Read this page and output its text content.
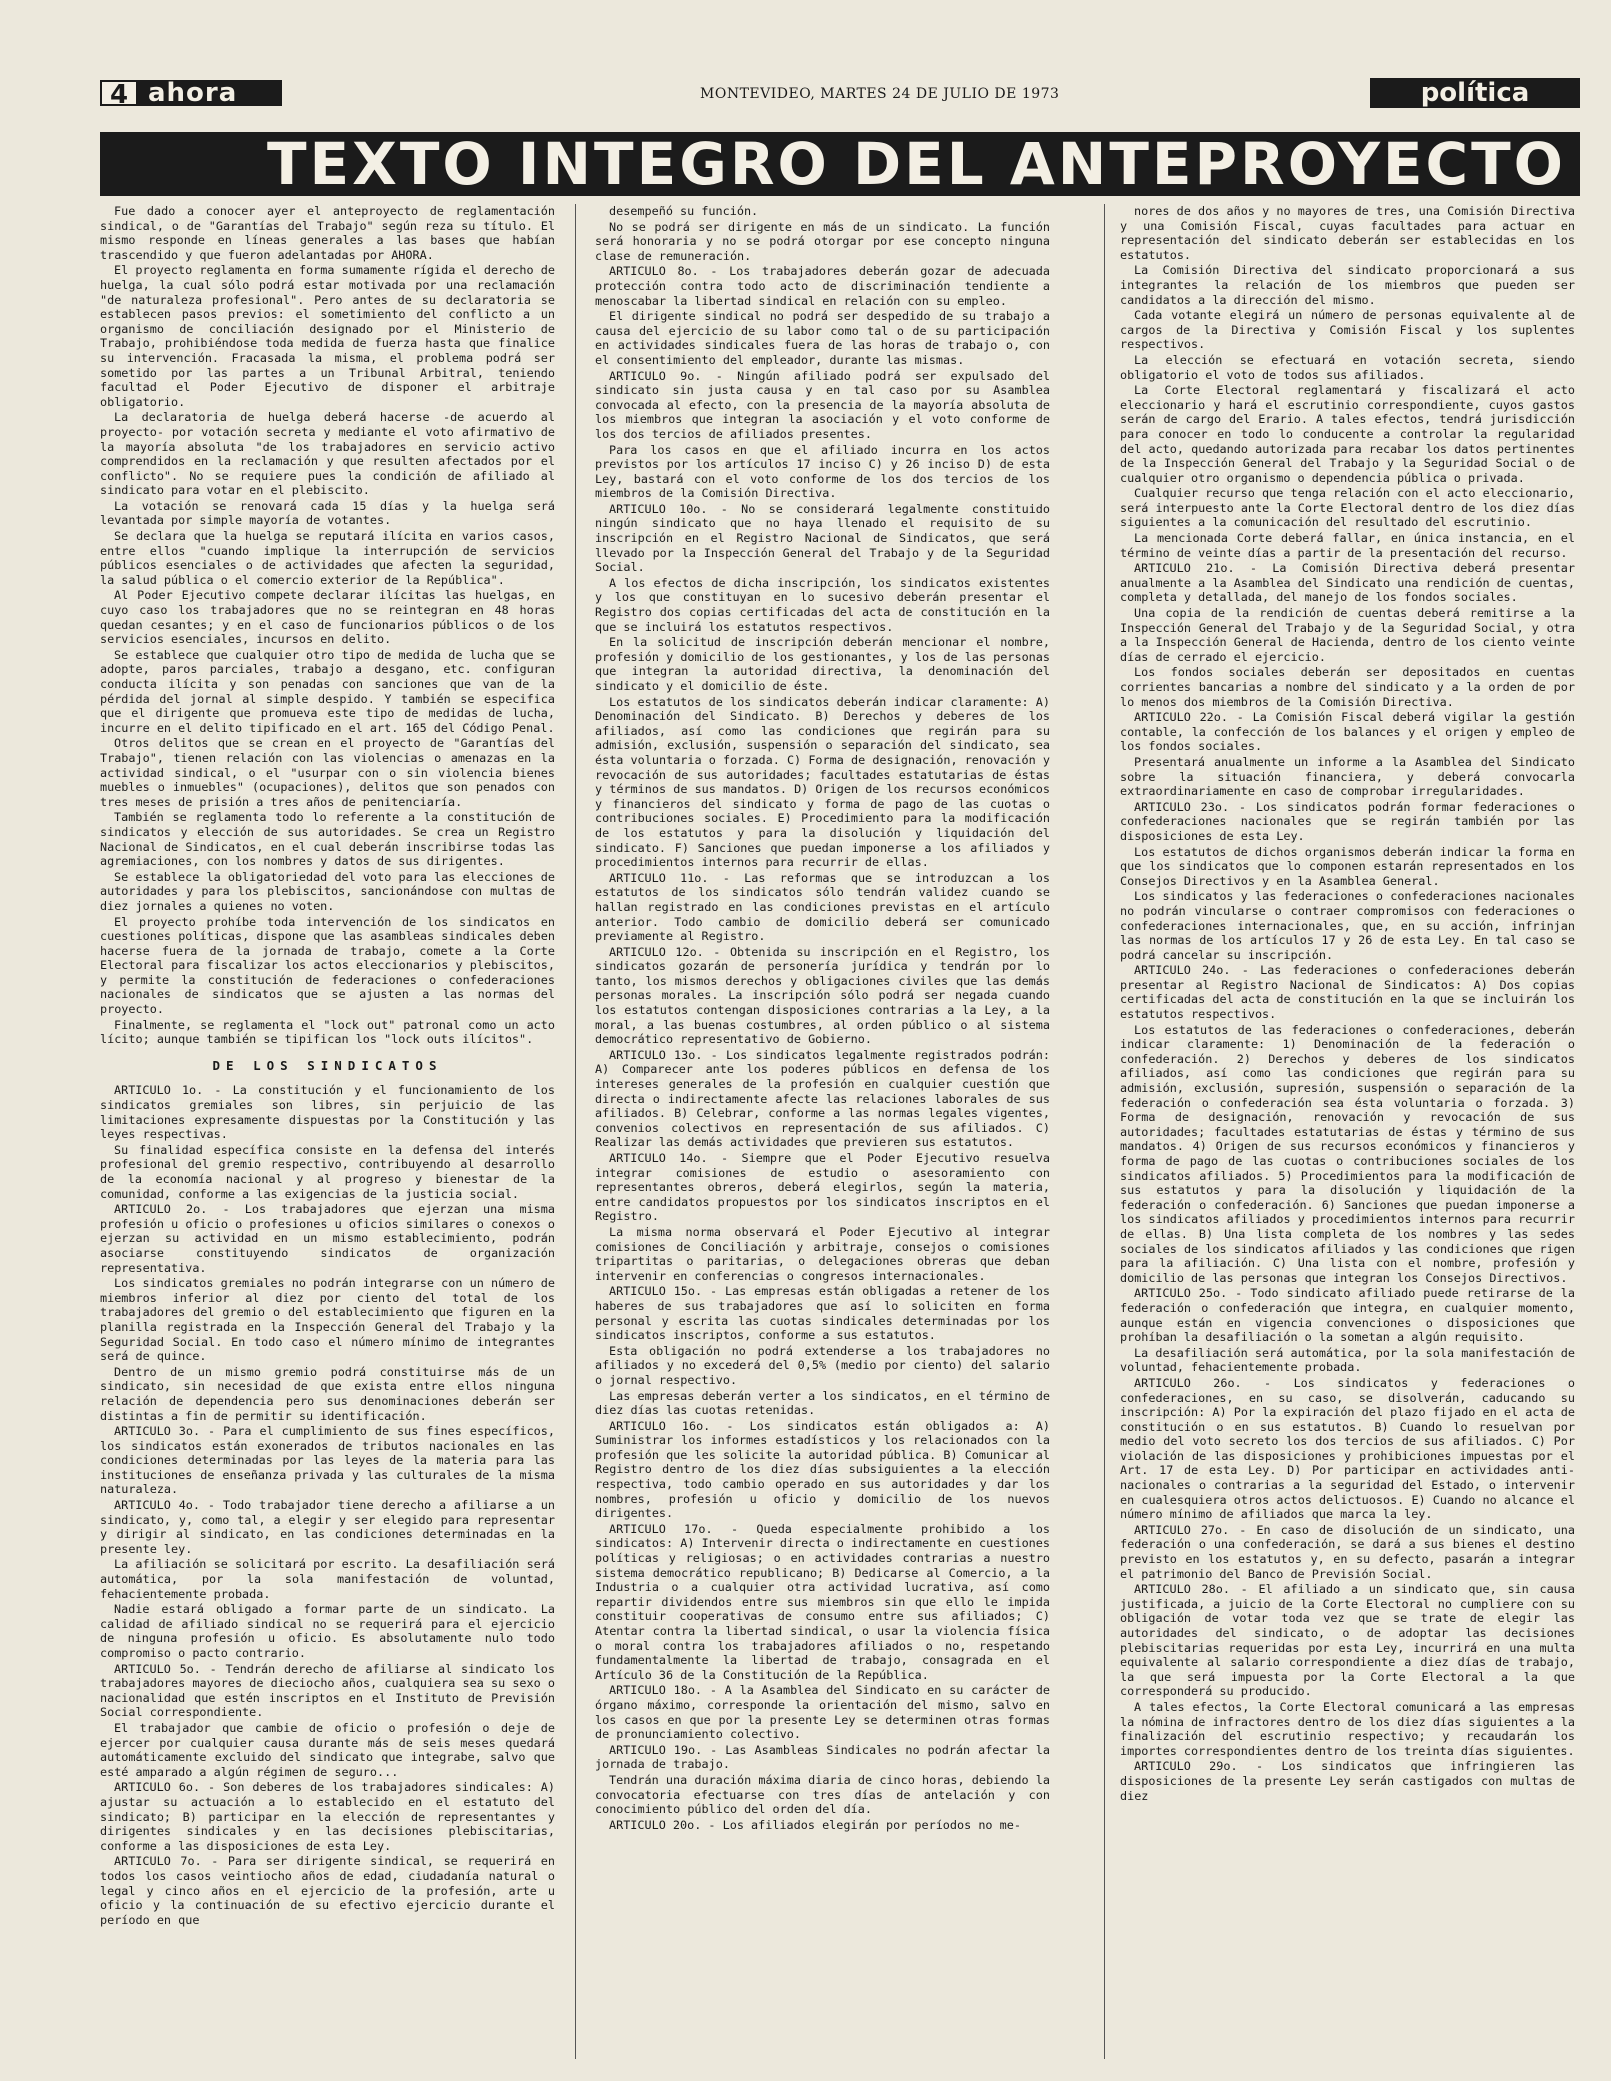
4 ahora	MONTEVIDEO, MARTES 24 DE JULIO DE 1973	política
TEXTO INTEGRO DEL ANTEPROYECTO

Fue dado a conocer ayer el anteproyecto de reglamentación sindical, o de "Garantías del Trabajo" según reza su título. El mismo responde en líneas generales a las bases que habían trascendido y que fueron adelantadas por AHORA.

El proyecto reglamenta en forma sumamente rígida el derecho de huelga, la cual sólo podrá estar motivada por una reclamación "de naturaleza profesional". Pero antes de su declaratoria se establecen pasos previos: el sometimiento del conflicto a un organismo de conciliación designado por el Ministerio de Trabajo, prohibiéndose toda medida de fuerza hasta que finalice su intervención. Fracasada la misma, el problema podrá ser sometido por las partes a un Tribunal Arbitral, teniendo facultad el Poder Ejecutivo de disponer el arbitraje obligatorio.

La declaratoria de huelga deberá hacerse -de acuerdo al proyecto- por votación secreta y mediante el voto afirmativo de la mayoría absoluta "de los trabajadores en servicio activo comprendidos en la reclamación y que resulten afectados por el conflicto". No se requiere pues la condición de afiliado al sindicato para votar en el plebiscito.

La votación se renovará cada 15 días y la huelga será levantada por simple mayoría de votantes.

Se declara que la huelga se reputará ilícita en varios casos, entre ellos "cuando implique la interrupción de servicios públicos esenciales o de actividades que afecten la seguridad, la salud pública o el comercio exterior de la República".

Al Poder Ejecutivo compete declarar ilícitas las huelgas, en cuyo caso los trabajadores que no se reintegran en 48 horas quedan cesantes; y en el caso de funcionarios públicos o de los servicios esenciales, incursos en delito.

Se establece que cualquier otro tipo de medida de lucha que se adopte, paros parciales, trabajo a desgano, etc. configuran conducta ilícita y son penadas con sanciones que van de la pérdida del jornal al simple despido. Y también se especifica que el dirigente que promueva este tipo de medidas de lucha, incurre en el delito tipificado en el art. 165 del Código Penal.

Otros delitos que se crean en el proyecto de "Garantías del Trabajo", tienen relación con las violencias o amenazas en la actividad sindical, o el "usurpar con o sin violencia bienes muebles o inmuebles" (ocupaciones), delitos que son penados con tres meses de prisión a tres años de penitenciaría.

También se reglamenta todo lo referente a la constitución de sindicatos y elección de sus autoridades. Se crea un Registro Nacional de Sindicatos, en el cual deberán inscribirse todas las agremiaciones, con los nombres y datos de sus dirigentes.

Se establece la obligatoriedad del voto para las elecciones de autoridades y para los plebiscitos, sancionándose con multas de diez jornales a quienes no voten.

El proyecto prohíbe toda intervención de los sindicatos en cuestiones políticas, dispone que las asambleas sindicales deben hacerse fuera de la jornada de trabajo, comete a la Corte Electoral para fiscalizar los actos eleccionarios y plebiscitos, y permite la constitución de federaciones o confederaciones nacionales de sindicatos que se ajusten a las normas del proyecto.

Finalmente, se reglamenta el "lock out" patronal como un acto lícito; aunque también se tipifican los "lock outs ilícitos".

DE LOS SINDICATOS

ARTICULO 1o. - La constitución y el funcionamiento de los sindicatos gremiales son libres, sin perjuicio de las limitaciones expresamente dispuestas por la Constitución y las leyes respectivas.

Su finalidad específica consiste en la defensa del interés profesional del gremio respectivo, contribuyendo al desarrollo de la economía nacional y al progreso y bienestar de la comunidad, conforme a las exigencias de la justicia social.

ARTICULO 2o. - Los trabajadores que ejerzan una misma profesión u oficio o profesiones u oficios similares o conexos o ejerzan su actividad en un mismo establecimiento, podrán asociarse constituyendo sindicatos de organización representativa.

Los sindicatos gremiales no podrán integrarse con un número de miembros inferior al diez por ciento del total de los trabajadores del gremio o del establecimiento que figuren en la planilla registrada en la Inspección General del Trabajo y la Seguridad Social. En todo caso el número mínimo de integrantes será de quince.

Dentro de un mismo gremio podrá constituirse más de un sindicato, sin necesidad de que exista entre ellos ninguna relación de dependencia pero sus denominaciones deberán ser distintas a fin de permitir su identificación.

ARTICULO 3o. - Para el cumplimiento de sus fines específicos, los sindicatos están exonerados de tributos nacionales en las condiciones determinadas por las leyes de la materia para las instituciones de enseñanza privada y las culturales de la misma naturaleza.

ARTICULO 4o. - Todo trabajador tiene derecho a afiliarse a un sindicato, y, como tal, a elegir y ser elegido para representar y dirigir al sindicato, en las condiciones determinadas en la presente ley.

La afiliación se solicitará por escrito. La desafiliación será automática, por la sola manifestación de voluntad, fehacientemente probada.

Nadie estará obligado a formar parte de un sindicato. La calidad de afiliado sindical no se requerirá para el ejercicio de ninguna profesión u oficio. Es absolutamente nulo todo compromiso o pacto contrario.

ARTICULO 5o. - Tendrán derecho de afiliarse al sindicato los trabajadores mayores de dieciocho años, cualquiera sea su sexo o nacionalidad que estén inscriptos en el Instituto de Previsión Social correspondiente.

El trabajador que cambie de oficio o profesión o deje de ejercer por cualquier causa durante más de seis meses quedará automáticamente excluido del sindicato que integrabe, salvo que esté amparado a algún régimen de seguro...

ARTICULO 6o. - Son deberes de los trabajadores sindicales: A) ajustar su actuación a lo establecido en el estatuto del sindicato; B) participar en la elección de representantes y dirigentes sindicales y en las decisiones plebiscitarias, conforme a las disposiciones de esta Ley.

ARTICULO 7o. - Para ser dirigente sindical, se requerirá en todos los casos veintiocho años de edad, ciudadanía natural o legal y cinco años en el ejercicio de la profesión, arte u oficio y la continuación de su efectivo ejercicio durante el período en que

desempeñó su función.

No se podrá ser dirigente en más de un sindicato. La función será honoraria y no se podrá otorgar por ese concepto ninguna clase de remuneración.

ARTICULO 8o. - Los trabajadores deberán gozar de adecuada protección contra todo acto de discriminación tendiente a menoscabar la libertad sindical en relación con su empleo.

El dirigente sindical no podrá ser despedido de su trabajo a causa del ejercicio de su labor como tal o de su participación en actividades sindicales fuera de las horas de trabajo o, con el consentimiento del empleador, durante las mismas.

ARTICULO 9o. - Ningún afiliado podrá ser expulsado del sindicato sin justa causa y en tal caso por su Asamblea convocada al efecto, con la presencia de la mayoría absoluta de los miembros que integran la asociación y el voto conforme de los dos tercios de afiliados presentes.

Para los casos en que el afiliado incurra en los actos previstos por los artículos 17 inciso C) y 26 inciso D) de esta Ley, bastará con el voto conforme de los dos tercios de los miembros de la Comisión Directiva.

ARTICULO 10o. - No se considerará legalmente constituido ningún sindicato que no haya llenado el requisito de su inscripción en el Registro Nacional de Sindicatos, que será llevado por la Inspección General del Trabajo y de la Seguridad Social.

A los efectos de dicha inscripción, los sindicatos existentes y los que constituyan en lo sucesivo deberán presentar el Registro dos copias certificadas del acta de constitución en la que se incluirá los estatutos respectivos.

En la solicitud de inscripción deberán mencionar el nombre, profesión y domicilio de los gestionantes, y los de las personas que integran la autoridad directiva, la denominación del sindicato y el domicilio de éste.

Los estatutos de los sindicatos deberán indicar claramente: A) Denominación del Sindicato. B) Derechos y deberes de los afiliados, así como las condiciones que regirán para su admisión, exclusión, suspensión o separación del sindicato, sea ésta voluntaria o forzada. C) Forma de designación, renovación y revocación de sus autoridades; facultades estatutarias de éstas y términos de sus mandatos. D) Origen de los recursos económicos y financieros del sindicato y forma de pago de las cuotas o contribuciones sociales. E) Procedimiento para la modificación de los estatutos y para la disolución y liquidación del sindicato. F) Sanciones que puedan imponerse a los afiliados y procedimientos internos para recurrir de ellas.

ARTICULO 11o. - Las reformas que se introduzcan a los estatutos de los sindicatos sólo tendrán validez cuando se hallan registrado en las condiciones previstas en el artículo anterior. Todo cambio de domicilio deberá ser comunicado previamente al Registro.

ARTICULO 12o. - Obtenida su inscripción en el Registro, los sindicatos gozarán de personería jurídica y tendrán por lo tanto, los mismos derechos y obligaciones civiles que las demás personas morales. La inscripción sólo podrá ser negada cuando los estatutos contengan disposiciones contrarias a la Ley, a la moral, a las buenas costumbres, al orden público o al sistema democrático representativo de Gobierno.

ARTICULO 13o. - Los sindicatos legalmente registrados podrán: A) Comparecer ante los poderes públicos en defensa de los intereses generales de la profesión en cualquier cuestión que directa o indirectamente afecte las relaciones laborales de sus afiliados. B) Celebrar, conforme a las normas legales vigentes, convenios colectivos en representación de sus afiliados. C) Realizar las demás actividades que previeren sus estatutos.

ARTICULO 14o. - Siempre que el Poder Ejecutivo resuelva integrar comisiones de estudio o asesoramiento con representantes obreros, deberá elegirlos, según la materia, entre candidatos propuestos por los sindicatos inscriptos en el Registro.

La misma norma observará el Poder Ejecutivo al integrar comisiones de Conciliación y arbitraje, consejos o comisiones tripartitas o paritarias, o delegaciones obreras que deban intervenir en conferencias o congresos internacionales.

ARTICULO 15o. - Las empresas están obligadas a retener de los haberes de sus trabajadores que así lo soliciten en forma personal y escrita las cuotas sindicales determinadas por los sindicatos inscriptos, conforme a sus estatutos.

Esta obligación no podrá extenderse a los trabajadores no afiliados y no excederá del 0,5% (medio por ciento) del salario o jornal respectivo.

Las empresas deberán verter a los sindicatos, en el término de diez días las cuotas retenidas.

ARTICULO 16o. - Los sindicatos están obligados a: A) Suministrar los informes estadísticos y los relacionados con la profesión que les solicite la autoridad pública. B) Comunicar al Registro dentro de los diez días subsiguientes a la elección respectiva, todo cambio operado en sus autoridades y dar los nombres, profesión u oficio y domicilio de los nuevos dirigentes.

ARTICULO 17o. - Queda especialmente prohibido a los sindicatos: A) Intervenir directa o indirectamente en cuestiones políticas y religiosas; o en actividades contrarias a nuestro sistema democrático republicano; B) Dedicarse al Comercio, a la Industria o a cualquier otra actividad lucrativa, así como repartir dividendos entre sus miembros sin que ello le impida constituir cooperativas de consumo entre sus afiliados; C) Atentar contra la libertad sindical, o usar la violencia física o moral contra los trabajadores afiliados o no, respetando fundamentalmente la libertad de trabajo, consagrada en el Artículo 36 de la Constitución de la República.

ARTICULO 18o. - A la Asamblea del Sindicato en su carácter de órgano máximo, corresponde la orientación del mismo, salvo en los casos en que por la presente Ley se determinen otras formas de pronunciamiento colectivo.

ARTICULO 19o. - Las Asambleas Sindicales no podrán afectar la jornada de trabajo.

Tendrán una duración máxima diaria de cinco horas, debiendo la convocatoria efectuarse con tres días de antelación y con conocimiento público del orden del día.

ARTICULO 20o. - Los afiliados elegirán por períodos no me-

nores de dos años y no mayores de tres, una Comisión Directiva y una Comisión Fiscal, cuyas facultades para actuar en representación del sindicato deberán ser establecidas en los estatutos.

La Comisión Directiva del sindicato proporcionará a sus integrantes la relación de los miembros que pueden ser candidatos a la dirección del mismo.

Cada votante elegirá un número de personas equivalente al de cargos de la Directiva y Comisión Fiscal y los suplentes respectivos.

La elección se efectuará en votación secreta, siendo obligatorio el voto de todos sus afiliados.

La Corte Electoral reglamentará y fiscalizará el acto eleccionario y hará el escrutinio correspondiente, cuyos gastos serán de cargo del Erario. A tales efectos, tendrá jurisdicción para conocer en todo lo conducente a controlar la regularidad del acto, quedando autorizada para recabar los datos pertinentes de la Inspección General del Trabajo y la Seguridad Social o de cualquier otro organismo o dependencia pública o privada.

Cualquier recurso que tenga relación con el acto eleccionario, será interpuesto ante la Corte Electoral dentro de los diez días siguientes a la comunicación del resultado del escrutinio.

La mencionada Corte deberá fallar, en única instancia, en el término de veinte días a partir de la presentación del recurso.

ARTICULO 21o. - La Comisión Directiva deberá presentar anualmente a la Asamblea del Sindicato una rendición de cuentas, completa y detallada, del manejo de los fondos sociales.

Una copia de la rendición de cuentas deberá remitirse a la Inspección General del Trabajo y de la Seguridad Social, y otra a la Inspección General de Hacienda, dentro de los ciento veinte días de cerrado el ejercicio.

Los fondos sociales deberán ser depositados en cuentas corrientes bancarias a nombre del sindicato y a la orden de por lo menos dos miembros de la Comisión Directiva.

ARTICULO 22o. - La Comisión Fiscal deberá vigilar la gestión contable, la confección de los balances y el origen y empleo de los fondos sociales.

Presentará anualmente un informe a la Asamblea del Sindicato sobre la situación financiera, y deberá convocarla extraordinariamente en caso de comprobar irregularidades.

ARTICULO 23o. - Los sindicatos podrán formar federaciones o confederaciones nacionales que se regirán también por las disposiciones de esta Ley.

Los estatutos de dichos organismos deberán indicar la forma en que los sindicatos que lo componen estarán representados en los Consejos Directivos y en la Asamblea General.

Los sindicatos y las federaciones o confederaciones nacionales no podrán vincularse o contraer compromisos con federaciones o confederaciones internacionales, que, en su acción, infrinjan las normas de los artículos 17 y 26 de esta Ley. En tal caso se podrá cancelar su inscripción.

ARTICULO 24o. - Las federaciones o confederaciones deberán presentar al Registro Nacional de Sindicatos: A) Dos copias certificadas del acta de constitución en la que se incluirán los estatutos respectivos.

Los estatutos de las federaciones o confederaciones, deberán indicar claramente: 1) Denominación de la federación o confederación. 2) Derechos y deberes de los sindicatos afiliados, así como las condiciones que regirán para su admisión, exclusión, supresión, suspensión o separación de la federación o confederación sea ésta voluntaria o forzada. 3) Forma de designación, renovación y revocación de sus autoridades; facultades estatutarias de éstas y término de sus mandatos. 4) Origen de sus recursos económicos y financieros y forma de pago de las cuotas o contribuciones sociales de los sindicatos afiliados. 5) Procedimientos para la modificación de sus estatutos y para la disolución y liquidación de la federación o confederación. 6) Sanciones que puedan imponerse a los sindicatos afiliados y procedimientos internos para recurrir de ellas. B) Una lista completa de los nombres y las sedes sociales de los sindicatos afiliados y las condiciones que rigen para la afiliación. C) Una lista con el nombre, profesión y domicilio de las personas que integran los Consejos Directivos.

ARTICULO 25o. - Todo sindicato afiliado puede retirarse de la federación o confederación que integra, en cualquier momento, aunque están en vigencia convenciones o disposiciones que prohíban la desafiliación o la sometan a algún requisito.

La desafiliación será automática, por la sola manifestación de voluntad, fehacientemente probada.

ARTICULO 26o. - Los sindicatos y federaciones o confederaciones, en su caso, se disolverán, caducando su inscripción: A) Por la expiración del plazo fijado en el acta de constitución o en sus estatutos. B) Cuando lo resuelvan por medio del voto secreto los dos tercios de sus afiliados. C) Por violación de las disposiciones y prohibiciones impuestas por el Art. 17 de esta Ley. D) Por participar en actividades anti-nacionales o contrarias a la seguridad del Estado, o intervenir en cualesquiera otros actos delictuosos. E) Cuando no alcance el número mínimo de afiliados que marca la ley.

ARTICULO 27o. - En caso de disolución de un sindicato, una federación o una confederación, se dará a sus bienes el destino previsto en los estatutos y, en su defecto, pasarán a integrar el patrimonio del Banco de Previsión Social.

ARTICULO 28o. - El afiliado a un sindicato que, sin causa justificada, a juicio de la Corte Electoral no cumpliere con su obligación de votar toda vez que se trate de elegir las autoridades del sindicato, o de adoptar las decisiones plebiscitarias requeridas por esta Ley, incurrirá en una multa equivalente al salario correspondiente a diez días de trabajo, la que será impuesta por la Corte Electoral a la que corresponderá su producido.

A tales efectos, la Corte Electoral comunicará a las empresas la nómina de infractores dentro de los diez días siguientes a la finalización del escrutinio respectivo; y recaudarán los importes correspondientes dentro de los treinta días siguientes.

ARTICULO 29o. - Los sindicatos que infringieren las disposiciones de la presente Ley serán castigados con multas de diez
